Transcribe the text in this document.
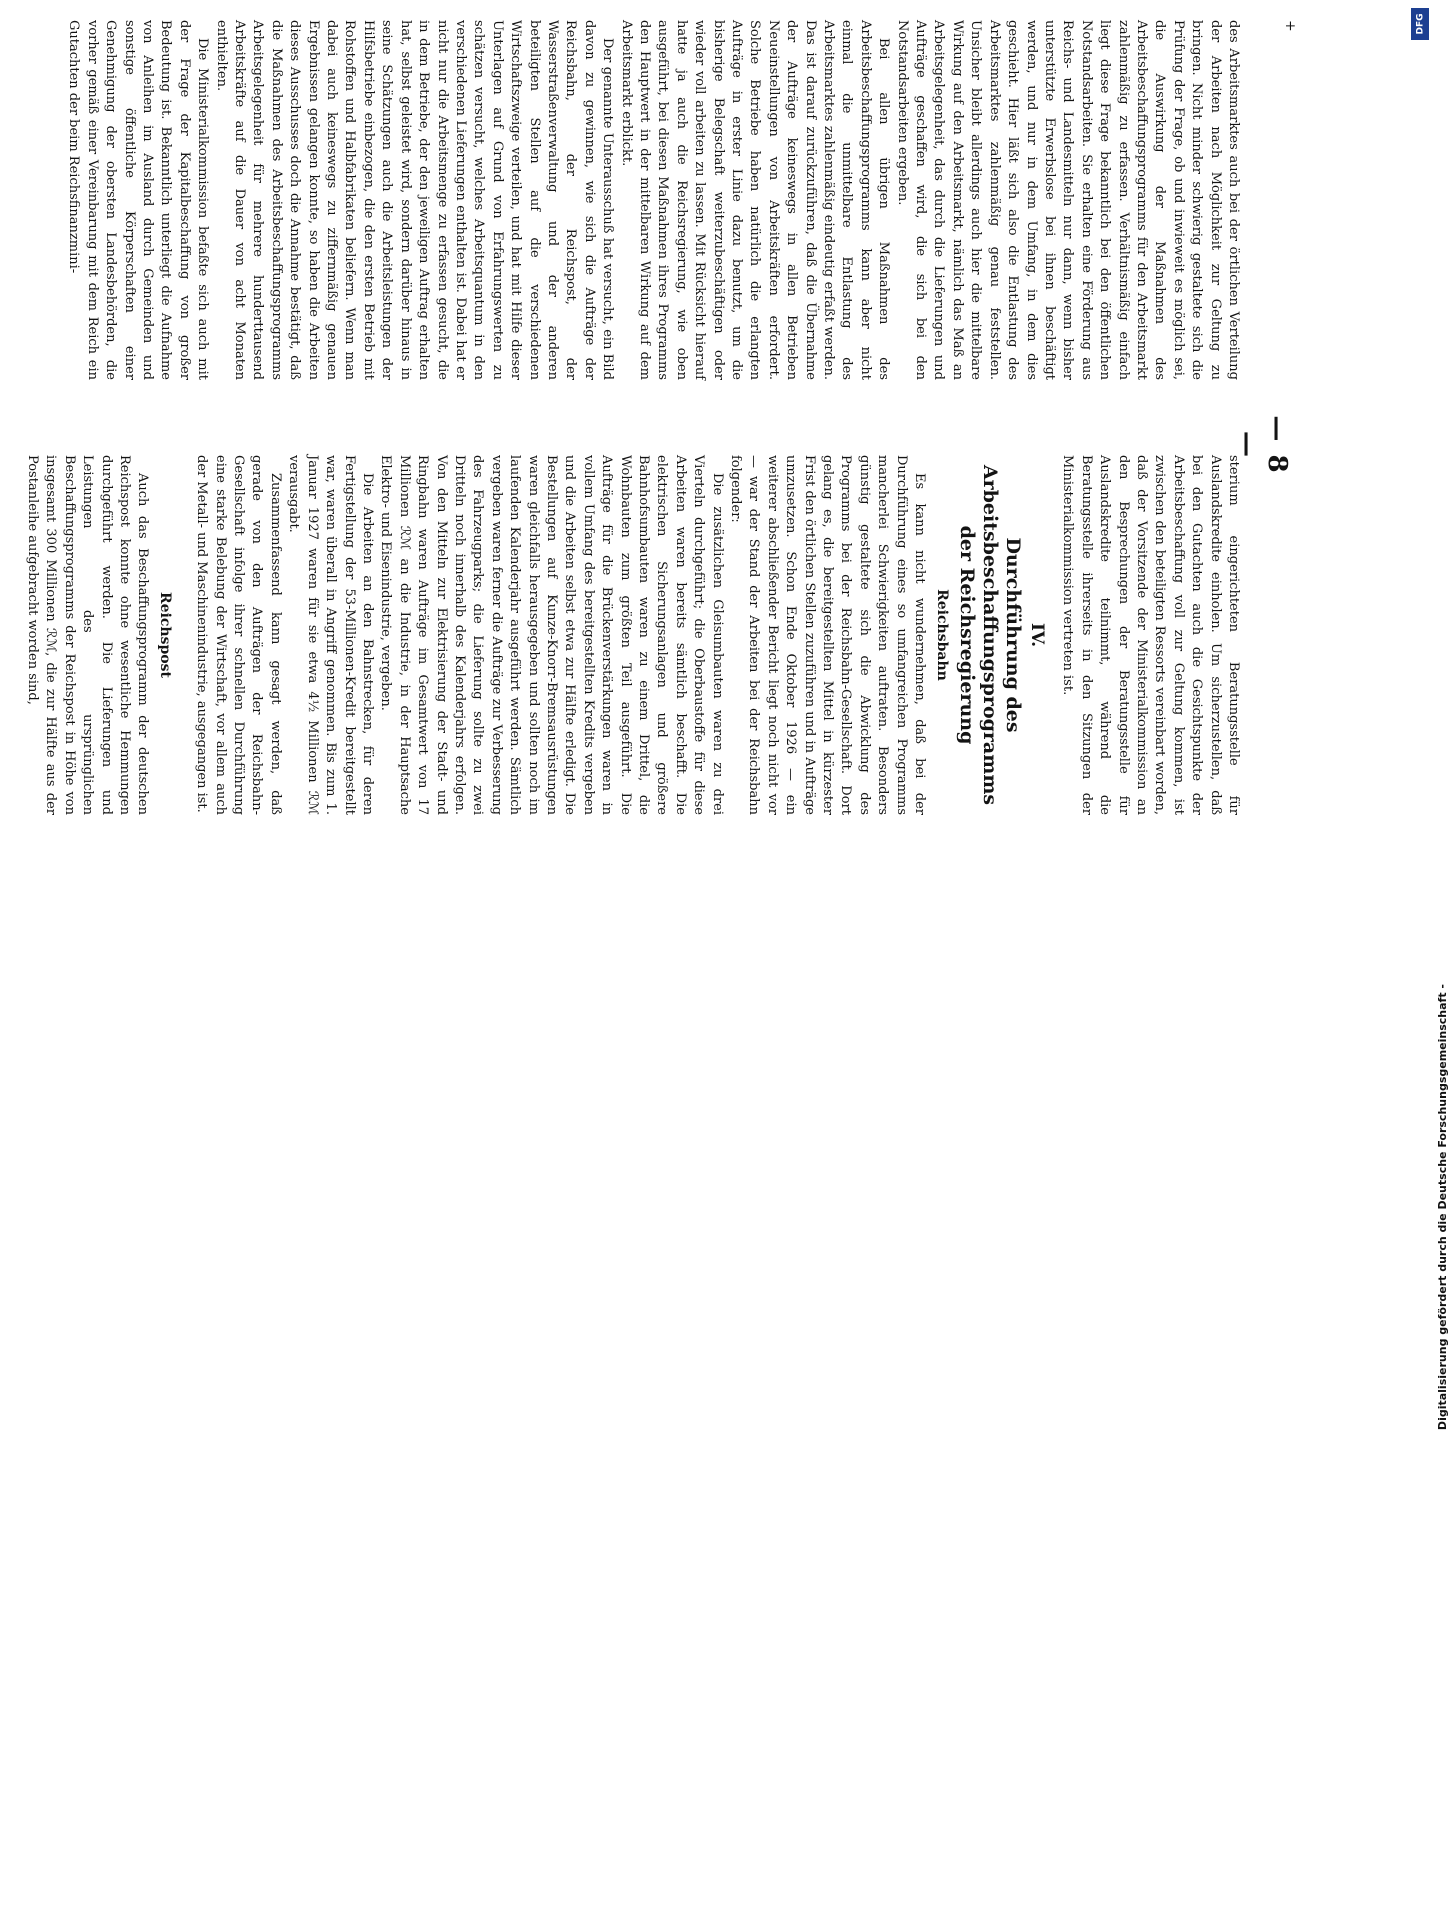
+
— 8 —

des Arbeitsmarktes auch bei der örtlichen Verteilung der Arbeiten nach Möglichkeit zur Geltung zu bringen. Nicht minder schwierig gestaltete sich die Prüfung der Frage, ob und inwieweit es möglich sei, die Auswirkung der Maßnahmen des Arbeitsbeschaffungsprogramms für den Arbeitsmarkt zahlenmäßig zu erfassen. Verhältnismäßig einfach liegt diese Frage bekanntlich bei den öffentlichen Notstandsarbeiten. Sie erhalten eine Förderung aus Reichs- und Landesmitteln nur dann, wenn bisher unterstützte Erwerbslose bei ihnen beschäftigt werden, und nur in dem Umfang, in dem dies geschieht. Hier läßt sich also die Entlastung des Arbeitsmarktes zahlenmäßig genau feststellen. Unsicher bleibt allerdings auch hier die mittelbare Wirkung auf den Arbeitsmarkt, nämlich das Maß an Arbeitsgelegenheit, das durch die Lieferungen und Aufträge geschaffen wird, die sich bei den Notstandsarbeiten ergeben.

Bei allen übrigen Maßnahmen des Arbeitsbeschaffungsprogramms kann aber nicht einmal die unmittelbare Entlastung des Arbeitsmarktes zahlenmäßig eindeutig erfaßt werden. Das ist darauf zurückzuführen, daß die Übernahme der Aufträge keineswegs in allen Betrieben Neueinstellungen von Arbeitskräften erfordert. Solche Betriebe haben natürlich die erlangten Aufträge in erster Linie dazu benutzt, um die bisherige Belegschaft weiterzubeschäftigen oder wieder voll arbeiten zu lassen. Mit Rücksicht hierauf hatte ja auch die Reichsregierung, wie oben ausgeführt, bei diesen Maßnahmen ihres Programms den Hauptwert in der mittelbaren Wirkung auf dem Arbeitsmarkt erblickt.

Der genannte Unterausschuß hat versucht, ein Bild davon zu gewinnen, wie sich die Aufträge der Reichsbahn, der Reichspost, der Wasserstraßenverwaltung und der anderen beteiligten Stellen auf die verschiedenen Wirtschaftszweige verteilen, und hat mit Hilfe dieser Unterlagen auf Grund von Erfahrungswerten zu schätzen versucht, welches Arbeitsquantum in den verschiedenen Lieferungen enthalten ist. Dabei hat er nicht nur die Arbeitsmenge zu erfassen gesucht, die in dem Betriebe, der den jeweiligen Auftrag erhalten hat, selbst geleistet wird, sondern darüber hinaus in seine Schätzungen auch die Arbeitsleistungen der Hilfsbetriebe einbezogen, die den ersten Betrieb mit Rohstoffen und Halbfabrikaten beliefern. Wenn man dabei auch keineswegs zu ziffernmäßig genauen Ergebnissen gelangen konnte, so haben die Arbeiten dieses Ausschusses doch die Annahme bestätigt, daß die Maßnahmen des Arbeitsbeschaffungsprogramms Arbeitsgelegenheit für mehrere hunderttausend Arbeitskräfte auf die Dauer von acht Monaten enthielten.

Die Ministerialkommission befaßte sich auch mit der Frage der Kapitalbeschaffung von großer Bedeutung ist. Bekanntlich unterliegt die Aufnahme von Anleihen im Ausland durch Gemeinden und sonstige öffentliche Körperschaften einer Genehmigung der obersten Landesbehörden, die vorher gemäß einer Vereinbarung mit dem Reich ein Gutachten der beim Reichsfinanzmini-

sterium eingerichteten Beratungsstelle für Auslandskredite einholen. Um sicherzustellen, daß bei den Gutachten auch die Gesichtspunkte der Arbeitsbeschaffung voll zur Geltung kommen, ist zwischen den beteiligten Ressorts vereinbart worden, daß der Vorsitzende der Ministerialkommission an den Besprechungen der Beratungsstelle für Auslandskredite teilnimmt, während die Beratungsstelle ihrerseits in den Sitzungen der Ministerialkommission vertreten ist.

IV.
Durchführung des Arbeitsbeschaffungsprogramms der Reichsregierung
Reichsbahn

Es kann nicht wundernehmen, daß bei der Durchführung eines so umfangreichen Programms mancherlei Schwierigkeiten auftraten. Besonders günstig gestaltete sich die Abwicklung des Programms bei der Reichsbahn-Gesellschaft. Dort gelang es, die bereitgestellten Mittel in kürzester Frist den örtlichen Stellen zuzuführen und in Aufträge umzusetzen. Schon Ende Oktober 1926 — ein weiterer abschließender Bericht liegt noch nicht vor — war der Stand der Arbeiten bei der Reichsbahn folgender:

Die zusätzlichen Gleisumbauten waren zu drei Vierteln durchgeführt; die Oberbaustoffe für diese Arbeiten waren bereits sämtlich beschafft. Die elektrischen Sicherungsanlagen und größere Bahnhofsumbauten waren zu einem Drittel, die Wohnbauten zum größten Teil ausgeführt. Die Aufträge für die Brückenverstärkungen waren in vollem Umfang des bereitgestellten Kredits vergeben und die Arbeiten selbst etwa zur Hälfte erledigt. Die Bestellungen auf Kunze-Knorr-Bremsausrüstungen waren gleichfalls herausgegeben und sollten noch im laufenden Kalenderjahr ausgeführt werden. Sämtlich vergeben waren ferner die Aufträge zur Verbesserung des Fahrzeugparks; die Lieferung sollte zu zwei Dritteln noch innerhalb des Kalenderjahrs erfolgen. Von den Mitteln zur Elektrisierung der Stadt- und Ringbahn waren Aufträge im Gesamtwert von 17 Millionen ℛℳ an die Industrie, in der Hauptsache Elektro- und Eisenindustrie, vergeben.

Die Arbeiten an den Bahnstrecken, für deren Fertigstellung der 53-Millionen-Kredit bereitgestellt war, waren überall in Angriff genommen. Bis zum 1. Januar 1927 waren für sie etwa 4½ Millionen ℛℳ verausgabt.

Zusammenfassend kann gesagt werden, daß gerade von den Aufträgen der Reichsbahn-Gesellschaft infolge ihrer schnellen Durchführung eine starke Belebung der Wirtschaft, vor allem auch der Metall- und Maschinenindustrie, ausgegangen ist.

Reichspost

Auch das Beschaffungsprogramm der deutschen Reichspost konnte ohne wesentliche Hemmungen durchgeführt werden. Die Lieferungen und Leistungen des ursprünglichen Beschaffungsprogramms der Reichspost in Höhe von insgesamt 300 Millionen ℛℳ, die zur Hälfte aus der Postanleihe aufgebracht worden sind,

DFG
Digitalisierung gefördert durch die Deutsche Forschungsgemeinschaft -
